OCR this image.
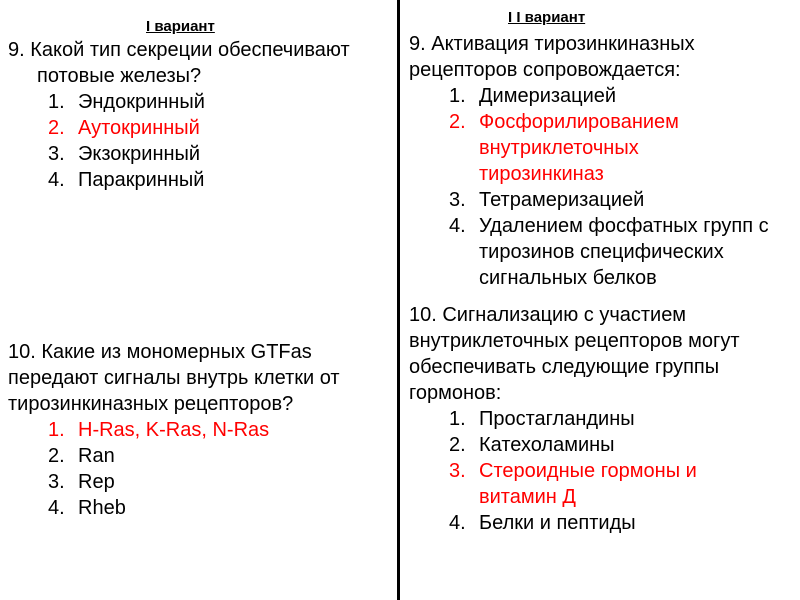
I вариант

9. Какой тип секреции обеспечивают

потовые железы?

1. Эндокринный
2. Аутокринный
3. Экзокринный
4. Паракринный

10. Какие из мономерных GTFas

передают сигналы внутрь клетки от

тирозинкиназных рецепторов?

1. H-Ras, K-Ras, N-Ras
2. Ran
3. Rep
4. Rheb
I I вариант

9. Активация тирозинкиназных

рецепторов сопровождается:

1. Димеризацией
2. Фосфорилированием внутриклеточных тирозинкиназ
3. Тетрамеризацией
4. Удалением фосфатных групп с тирозинов специфических сигнальных белков

10. Сигнализацию с участием

внутриклеточных рецепторов могут

обеспечивать следующие группы

гормонов:

1. Простагландины
2. Катехоламины
3. Стероидные гормоны и витамин Д
4. Белки и пептиды
